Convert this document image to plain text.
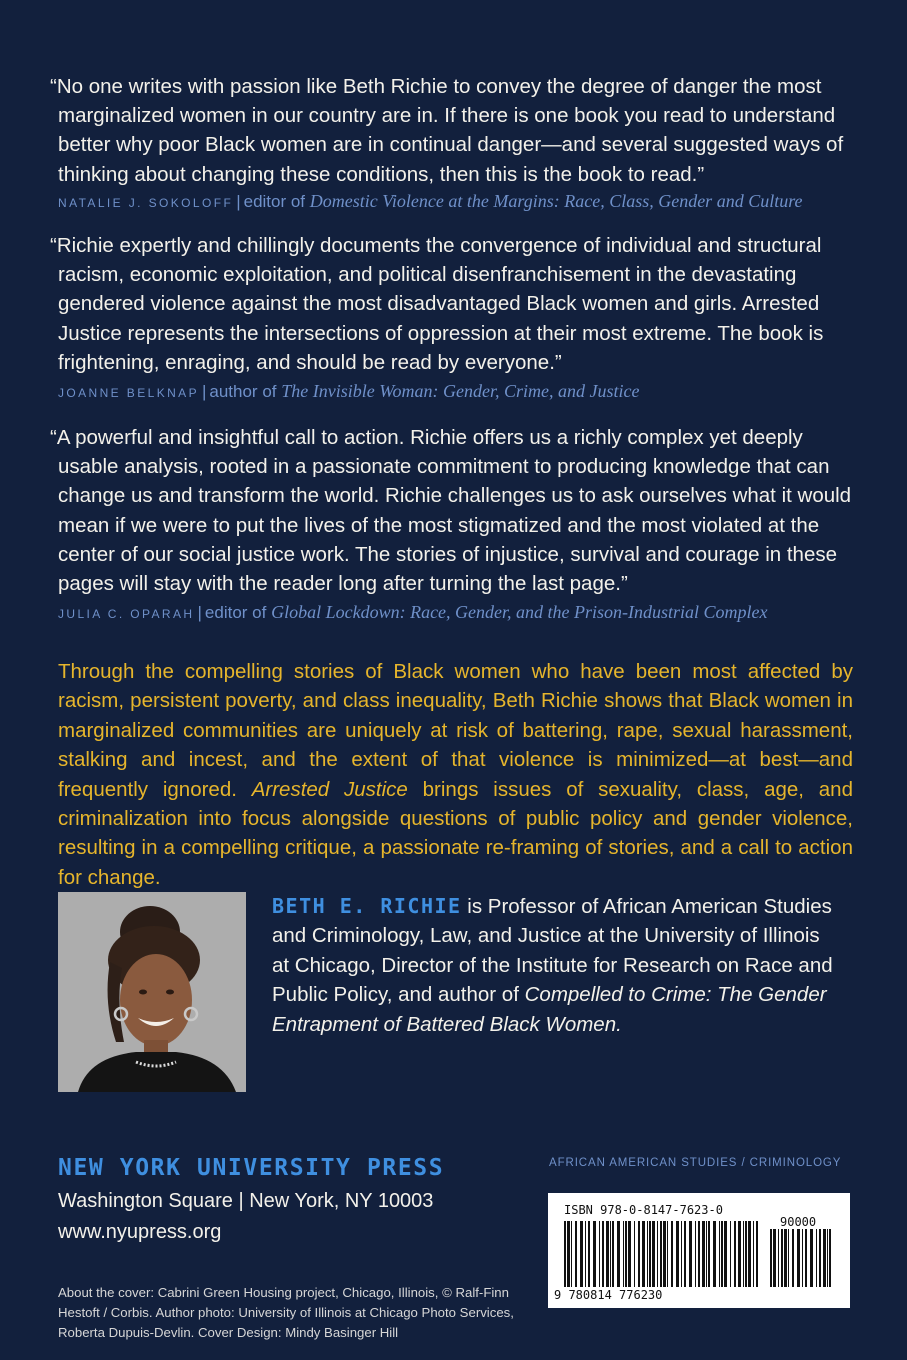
“No one writes with passion like Beth Richie to convey the degree of danger the most
marginalized women in our country are in. If there is one book you read to understand
better why poor Black women are in continual danger—and several suggested ways of
thinking about changing these conditions, then this is the book to read.”
NATALIE J. SOKOLOFF | editor of Domestic Violence at the Margins: Race, Class, Gender and Culture
“Richie expertly and chillingly documents the convergence of individual and structural
racism, economic exploitation, and political disenfranchisement in the devastating
gendered violence against the most disadvantaged Black women and girls. Arrested
Justice represents the intersections of oppression at their most extreme. The book is
frightening, enraging, and should be read by everyone.”
JOANNE BELKNAP | author of The Invisible Woman: Gender, Crime, and Justice
“A powerful and insightful call to action. Richie offers us a richly complex yet deeply
usable analysis, rooted in a passionate commitment to producing knowledge that can
change us and transform the world. Richie challenges us to ask ourselves what it would
mean if we were to put the lives of the most stigmatized and the most violated at the
center of our social justice work. The stories of injustice, survival and courage in these
pages will stay with the reader long after turning the last page.”
JULIA C. OPARAH | editor of Global Lockdown: Race, Gender, and the Prison-Industrial Complex
Through the compelling stories of Black women who have been most affected by racism, persistent poverty, and class inequality, Beth Richie shows that Black women in marginalized communities are uniquely at risk of battering, rape, sexual harassment, stalking and incest, and the extent of that violence is minimized—at best—and frequently ignored. Arrested Justice brings issues of sexuality, class, age, and criminalization into focus alongside questions of public policy and gender violence, resulting in a compelling critique, a passionate re-framing of stories, and a call to action for change.
BETH E. RICHIE is Professor of African American Studies and Criminology, Law, and Justice at the University of Illinois at Chicago, Director of the Institute for Research on Race and Public Policy, and author of Compelled to Crime: The Gender Entrapment of Battered Black Women.
NEW YORK UNIVERSITY PRESS
Washington Square | New York, NY 10003
www.nyupress.org
About the cover: Cabrini Green Housing project, Chicago, Illinois, © Ralf-Finn Hestoft / Corbis. Author photo: University of Illinois at Chicago Photo Services, Roberta Dupuis-Devlin. Cover Design: Mindy Basinger Hill
AFRICAN AMERICAN STUDIES / CRIMINOLOGY
ISBN 978-0-8147-7623-0
90000
9 780814 776230
